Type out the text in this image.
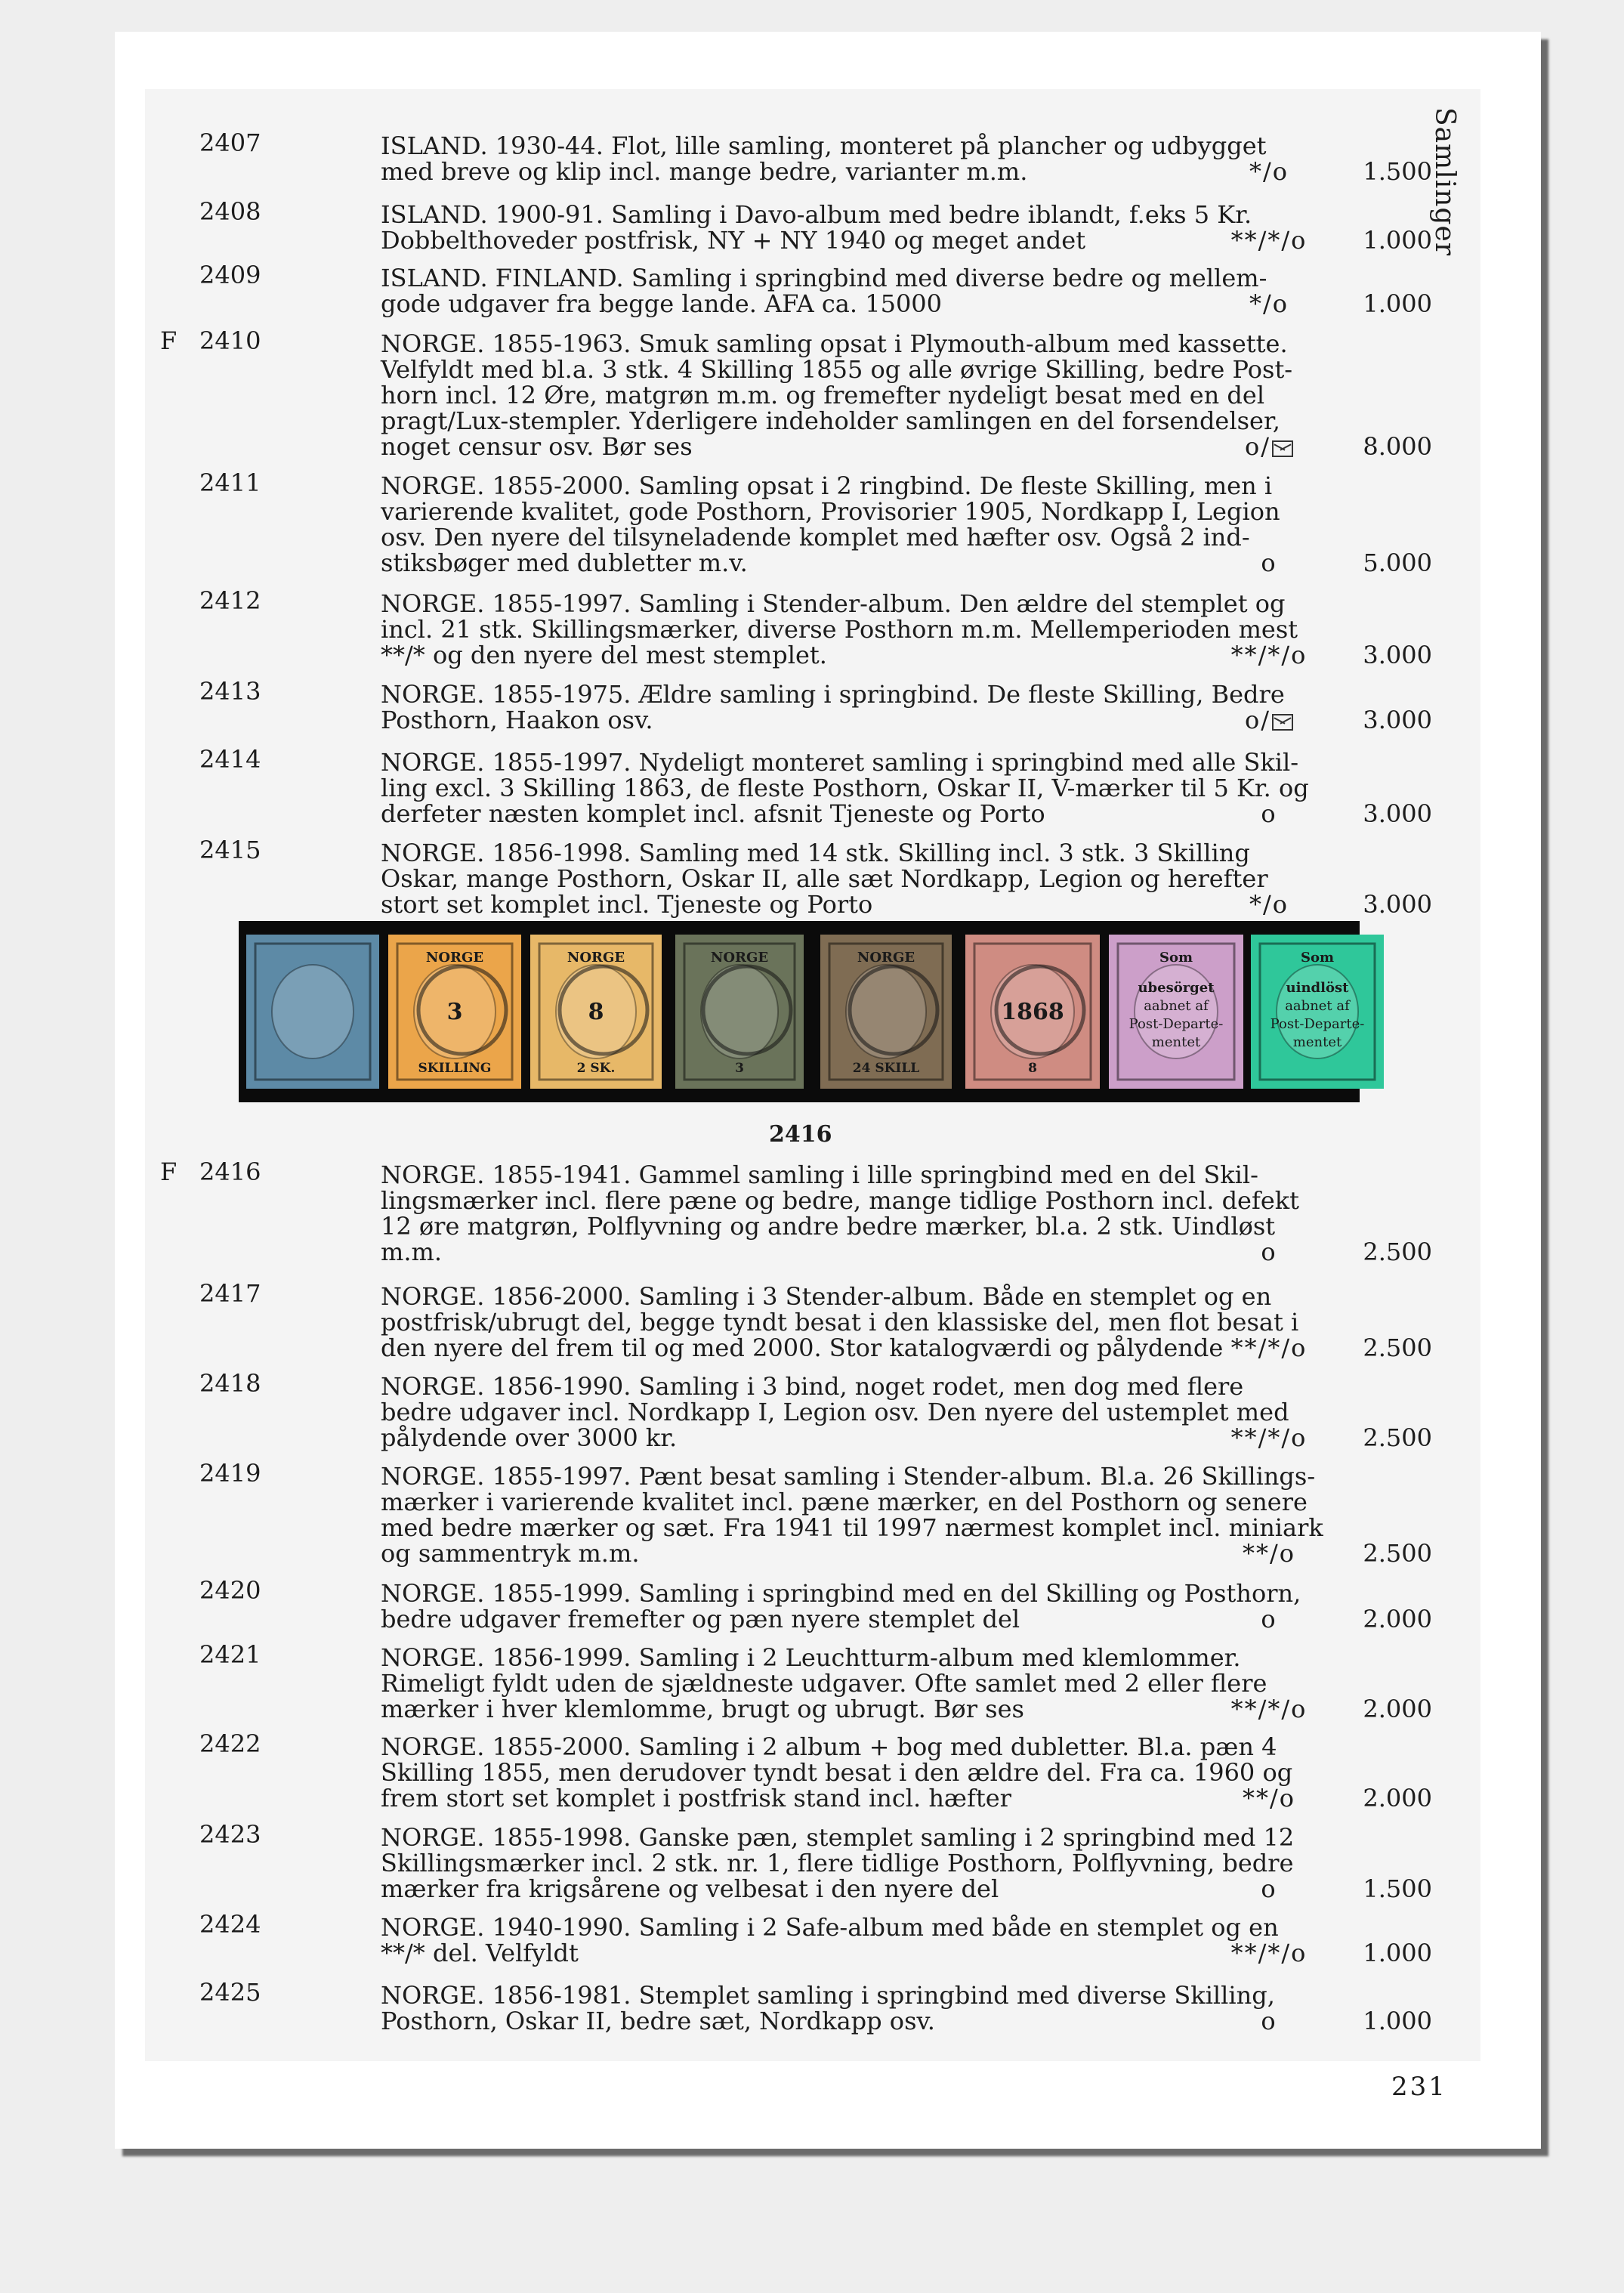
Samlinger
2407	ISLAND. 1930-44. Flot, lille samling, monteret på plancher og udbygget
med breve og klip incl. mange bedre, varianter m.m.	*/o	1.500
2408	ISLAND. 1900-91. Samling i Davo-album med bedre iblandt, f.eks 5 Kr.
Dobbelthoveder postfrisk, NY + NY 1940 og meget andet	**/*/o	1.000
2409	ISLAND. FINLAND. Samling i springbind med diverse bedre og mellem-
gode udgaver fra begge lande. AFA ca. 15000	*/o	1.000
F 2410	NORGE. 1855-1963. Smuk samling opsat i Plymouth-album med kassette.
Velfyldt med bl.a. 3 stk. 4 Skilling 1855 og alle øvrige Skilling, bedre Post-
horn incl. 12 Øre, matgrøn m.m. og fremefter nydeligt besat med en del
pragt/Lux-stempler. Yderligere indeholder samlingen en del forsendelser,
noget censur osv. Bør ses	o/	8.000
2411	NORGE. 1855-2000. Samling opsat i 2 ringbind. De fleste Skilling, men i
varierende kvalitet, gode Posthorn, Provisorier 1905, Nordkapp I, Legion
osv. Den nyere del tilsyneladende komplet med hæfter osv. Også 2 ind-
stiksbøger med dubletter m.v.	o	5.000
2412	NORGE. 1855-1997. Samling i Stender-album. Den ældre del stemplet og
incl. 21 stk. Skillingsmærker, diverse Posthorn m.m. Mellemperioden mest
**/* og den nyere del mest stemplet.	**/*/o	3.000
2413	NORGE. 1855-1975. Ældre samling i springbind. De fleste Skilling, Bedre
Posthorn, Haakon osv.	o/	3.000
2414	NORGE. 1855-1997. Nydeligt monteret samling i springbind med alle Skil-
ling excl. 3 Skilling 1863, de fleste Posthorn, Oskar II, V-mærker til 5 Kr. og
derfeter næsten komplet incl. afsnit Tjeneste og Porto	o	3.000
2415	NORGE. 1856-1998. Samling med 14 stk. Skilling incl. 3 stk. 3 Skilling
Oskar, mange Posthorn, Oskar II, alle sæt Nordkapp, Legion og herefter
stort set komplet incl. Tjeneste og Porto	*/o	3.000
F 2416	NORGE. 1855-1941. Gammel samling i lille springbind med en del Skil-
lingsmærker incl. flere pæne og bedre, mange tidlige Posthorn incl. defekt
12 øre matgrøn, Polflyvning og andre bedre mærker, bl.a. 2 stk. Uindløst
m.m.	o	2.500
2417	NORGE. 1856-2000. Samling i 3 Stender-album. Både en stemplet og en
postfrisk/ubrugt del, begge tyndt besat i den klassiske del, men flot besat i
den nyere del frem til og med 2000. Stor katalogværdi og pålydende **/*/o	2.500
2418	NORGE. 1856-1990. Samling i 3 bind, noget rodet, men dog med flere
bedre udgaver incl. Nordkapp I, Legion osv. Den nyere del ustemplet med
pålydende over 3000 kr.	**/*/o	2.500
2419	NORGE. 1855-1997. Pænt besat samling i Stender-album. Bl.a. 26 Skillings-
mærker i varierende kvalitet incl. pæne mærker, en del Posthorn og senere
med bedre mærker og sæt. Fra 1941 til 1997 nærmest komplet incl. miniark
og sammentryk m.m.	**/o	2.500
2420	NORGE. 1855-1999. Samling i springbind med en del Skilling og Posthorn,
bedre udgaver fremefter og pæn nyere stemplet del	o	2.000
2421	NORGE. 1856-1999. Samling i 2 Leuchtturm-album med klemlommer.
Rimeligt fyldt uden de sjældneste udgaver. Ofte samlet med 2 eller flere
mærker i hver klemlomme, brugt og ubrugt. Bør ses	**/*/o	2.000
2422	NORGE. 1855-2000. Samling i 2 album + bog med dubletter. Bl.a. pæn 4
Skilling 1855, men derudover tyndt besat i den ældre del. Fra ca. 1960 og
frem stort set komplet i postfrisk stand incl. hæfter	**/o	2.000
2423	NORGE. 1855-1998. Ganske pæn, stemplet samling i 2 springbind med 12
Skillingsmærker incl. 2 stk. nr. 1, flere tidlige Posthorn, Polflyvning, bedre
mærker fra krigsårene og velbesat i den nyere del	o	1.500
2424	NORGE. 1940-1990. Samling i 2 Safe-album med både en stemplet og en
**/* del. Velfyldt	**/*/o	1.000
2425	NORGE. 1856-1981. Stemplet samling i springbind med diverse Skilling,
Posthorn, Oskar II, bedre sæt, Nordkapp osv.	o	1.000
NORGE
3
SKILLING
NORGE
8
2 SK.
NORGE
3
NORGE
24 SKILL
1868
8
Som
ubesörget
aabnet af
Post-Departe-
mentet
Som
uindlöst
aabnet af
Post-Departe-
mentet
2416
231
